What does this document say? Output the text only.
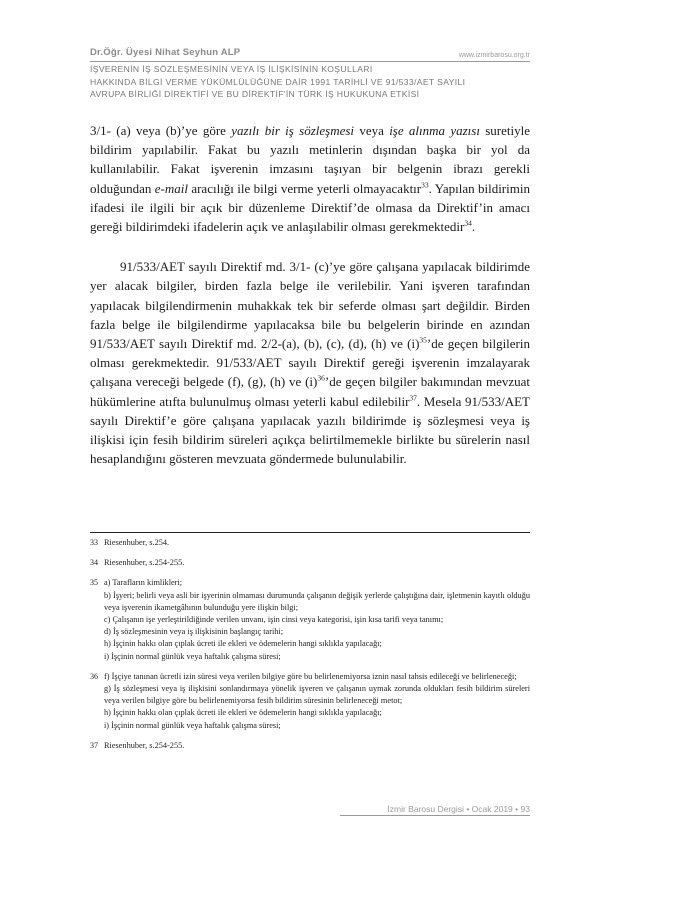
Dr.Öğr. Üyesi Nihat Seyhun ALP	www.izmirbarosu.org.tr
İŞVERENİN İŞ SÖZLEŞMESİNİN VEYA İŞ İLİŞKİSİNİN KOŞULLARI
HAKKINDA BİLGİ VERME YÜKÜMLÜLÜĞÜNE DAİR 1991 TARİHLİ VE 91/533/AET SAYILI
AVRUPA BİRLİĞİ DİREKTİFİ VE BU DİREKTİF'İN TÜRK İŞ HUKUKUNA ETKİSİ

3/1- (a) veya (b)’ye göre yazılı bir iş sözleşmesi veya işe alınma yazısı suretiyle bildirim yapılabilir. Fakat bu yazılı metinlerin dışından başka bir yol da kullanılabilir. Fakat işverenin imzasını taşıyan bir belgenin ibrazı gerekli olduğundan e-mail aracılığı ile bilgi verme yeterli olmayacaktır$^{33}$. Yapılan bildirimin ifadesi ile ilgili bir açık bir düzenleme Direktif’de olmasa da Direktif’in amacı gereği bildirimdeki ifadelerin açık ve anlaşılabilir olması gerekmektedir$^{34}$.

91/533/AET sayılı Direktif md. 3/1- (c)’ye göre çalışana yapılacak bildirimde yer alacak bilgiler, birden fazla belge ile verilebilir. Yani işveren tarafından yapılacak bilgilendirmenin muhakkak tek bir seferde olması şart değildir. Birden fazla belge ile bilgilendirme yapılacaksa bile bu belgelerin birinde en azından 91/533/AET sayılı Direktif md. 2/2-(a), (b), (c), (d), (h) ve $(i)^{35}’de$ geçen bilgilerin olması gerekmektedir. 91/533/AET sayılı Direktif gereği işverenin imzalayarak çalışana vereceği belgede (f), (g), (h) ve $(i)^{36}’de$ geçen bilgiler bakımından mevzuat hükümlerine atıfta bulunulmuş olması yeterli kabul edilebilir$^{37}$. Mesela 91/533/AET sayılı Direktif’e göre çalışana yapılacak yazılı bildirimde iş sözleşmesi veya iş ilişkisi için fesih bildirim süreleri açıkça belirtilmemekle birlikte bu sürelerin nasıl hesaplandığını gösteren mevzuata göndermede bulunulabilir.

33 Riesenhuber, s.254.
34 Riesenhuber, s.254-255.
35 a) Tarafların kimlikleri;
b) İşyeri; belirli veya asli bir işyerinin olmaması durumunda çalışanın değişik yerlerde çalıştığına dair, işletmenin kayıtlı olduğu veya işverenin ikametgâhının bulunduğu yere ilişkin bilgi;
c) Çalışanın işe yerleştirildiğinde verilen unvanı, işin cinsi veya kategorisi, işin kısa tarifi veya tanımı;
d) İş sözleşmesinin veya iş ilişkisinin başlangıç tarihi;
h) İşçinin hakkı olan çıplak ücreti ile ekleri ve ödemelerin hangi sıklıkla yapılacağı;
i) İşçinin normal günlük veya haftalık çalışma süresi;
36 f) İşçiye tanınan ücretli izin süresi veya verilen bilgiye göre bu belirlenemiyorsa iznin nasıl tahsis edileceği ve belirleneceği;
g) İş sözleşmesi veya iş ilişkisini sonlandırmaya yönelik işveren ve çalışanın uymak zorunda oldukları fesih bildirim süreleri veya verilen bilgiye göre bu belirlenemiyorsa fesih bildirim süresinin belirleneceği metot;
h) İşçinin hakkı olan çıplak ücreti ile ekleri ve ödemelerin hangi sıklıkla yapılacağı;
i) İşçinin normal günlük veya haftalık çalışma süresi;
37 Riesenhuber, s.254-255.
İzmir Barosu Dergisi • Ocak 2019 • 93
